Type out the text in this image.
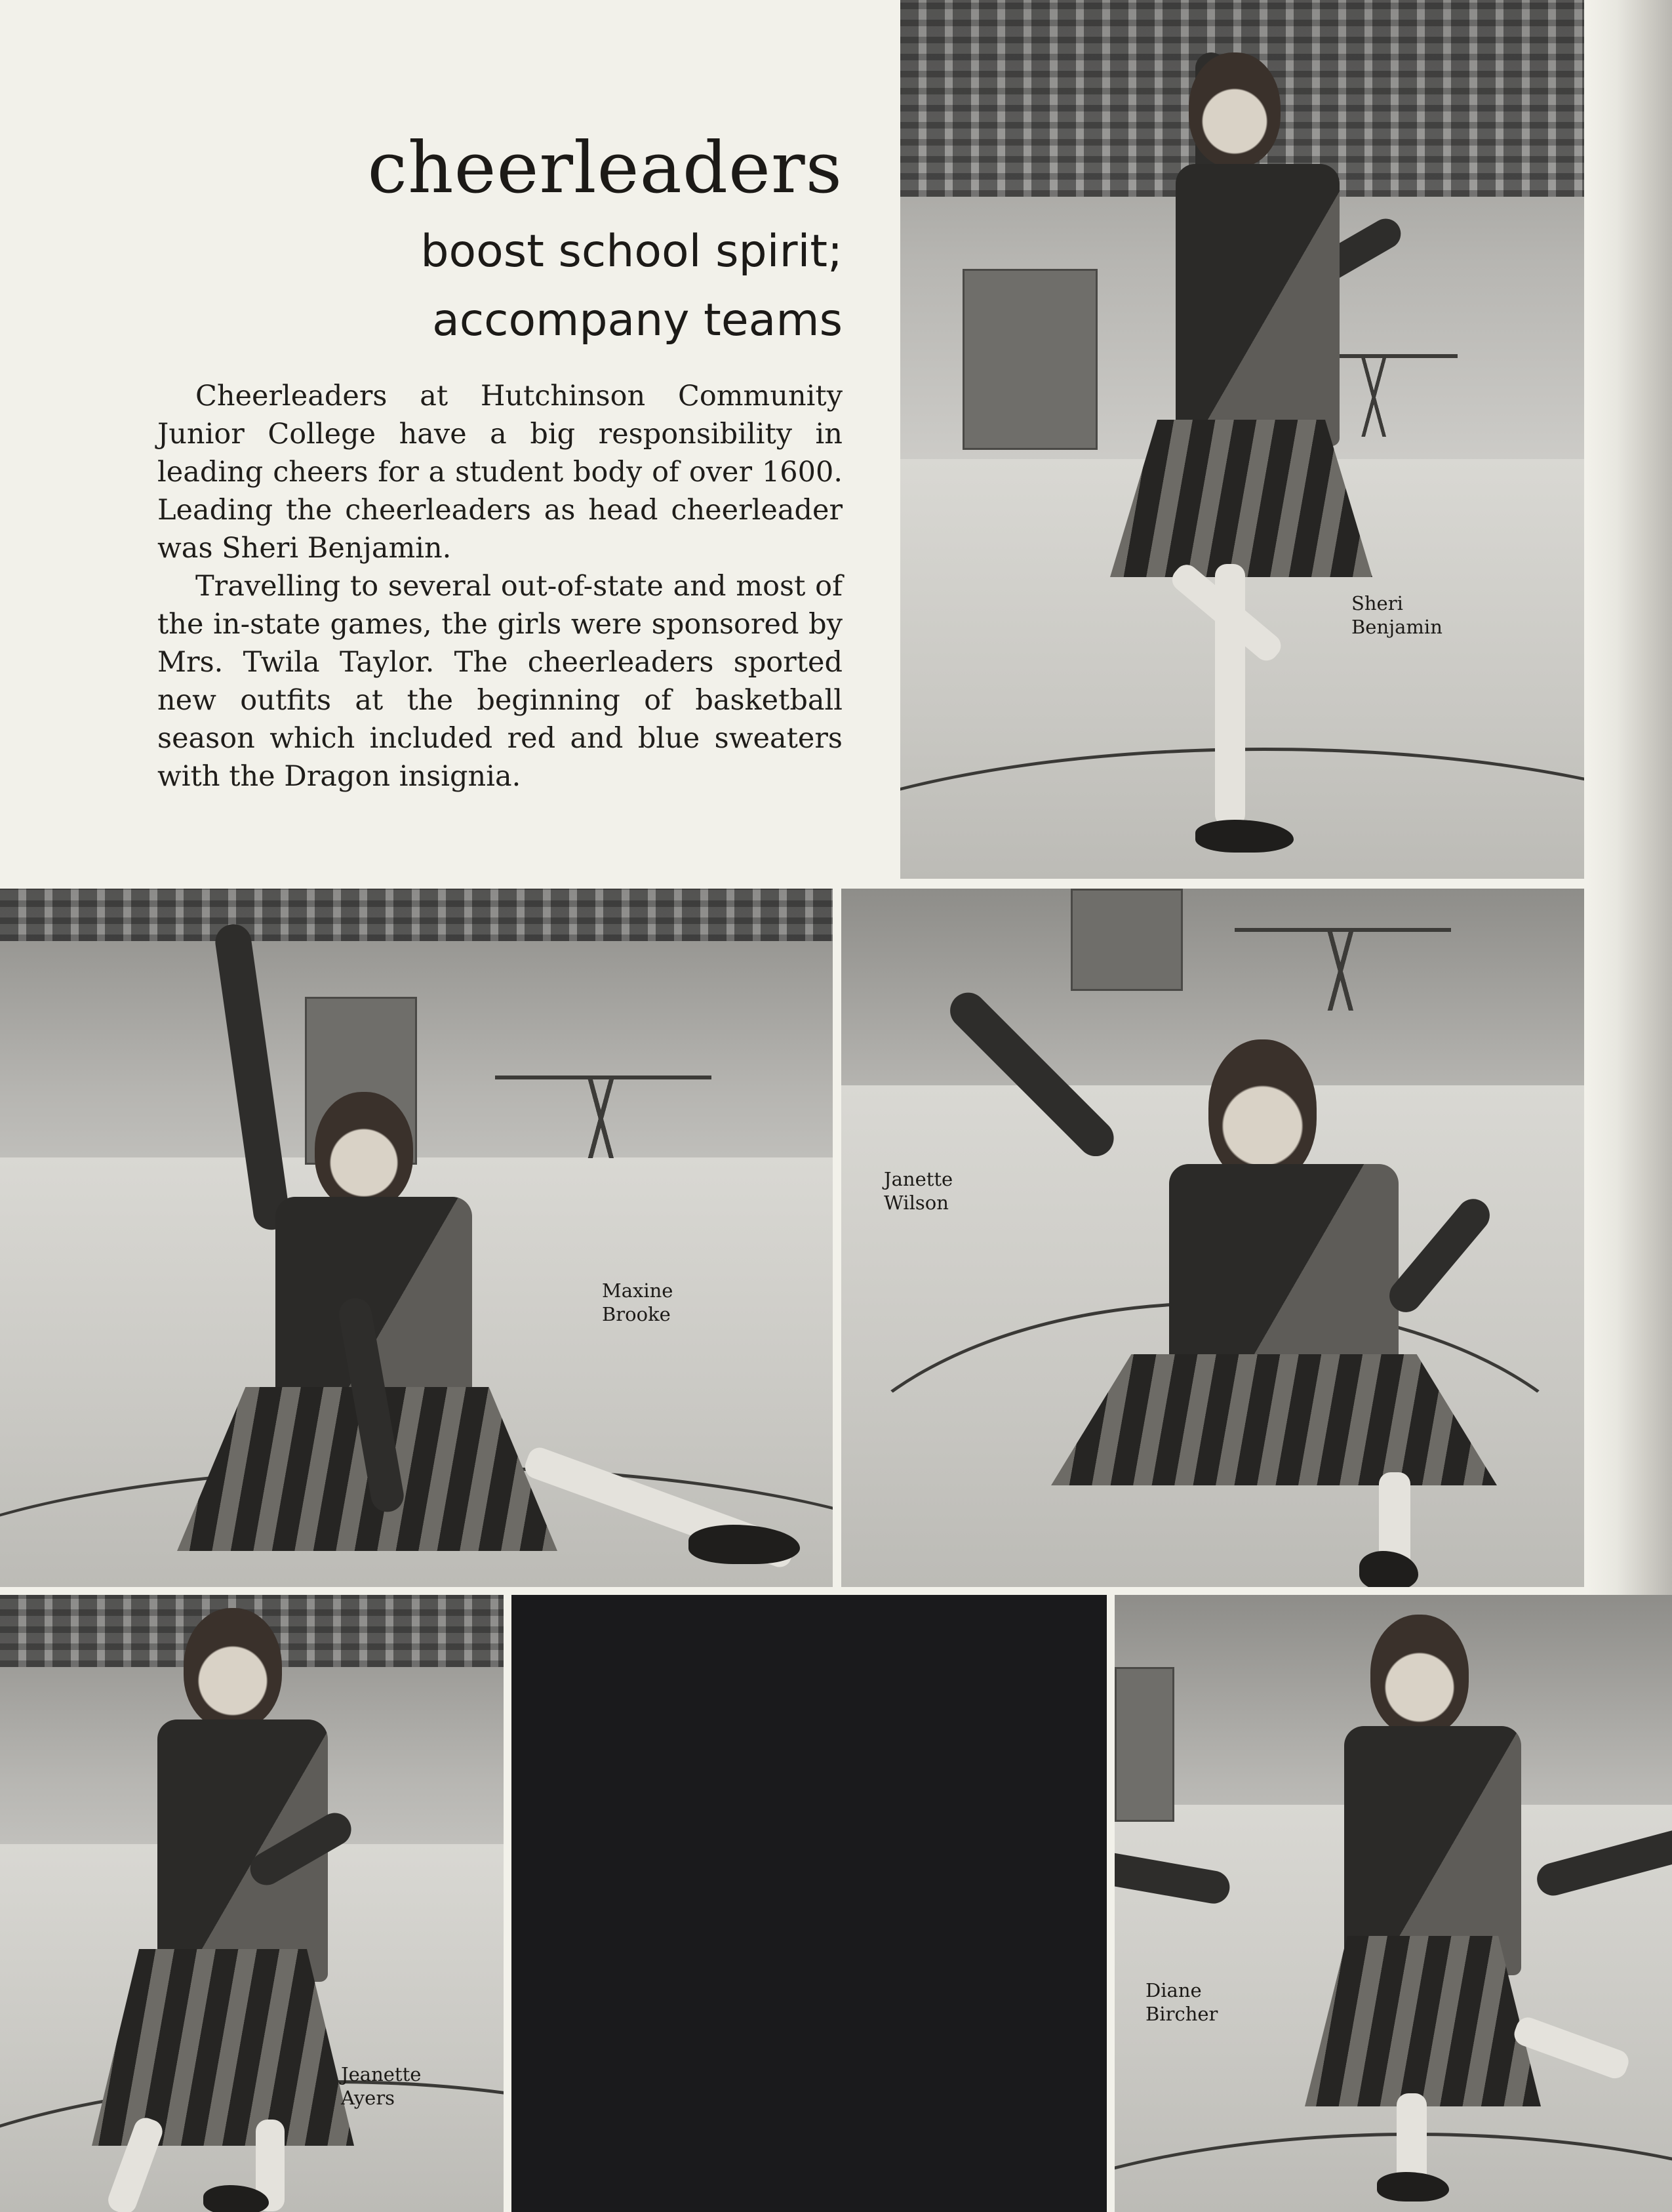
cheerleaders
boost school spirit;
accompany teams

Cheerleaders at Hutchinson Community Junior College have a big responsibility in leading cheers for a student body of over 1600. Leading the cheerleaders as head cheerleader was Sheri Benjamin.

Travelling to several out-of-state and most of the in-state games, the girls were sponsored by Mrs. Twila Taylor. The cheerleaders sported new outfits at the beginning of basketball season which included red and blue sweaters with the Dragon insignia.

Sheri
Benjamin
Maxine
Brooke
Janette
Wilson
Jeanette
Ayers
Diane
Bircher
